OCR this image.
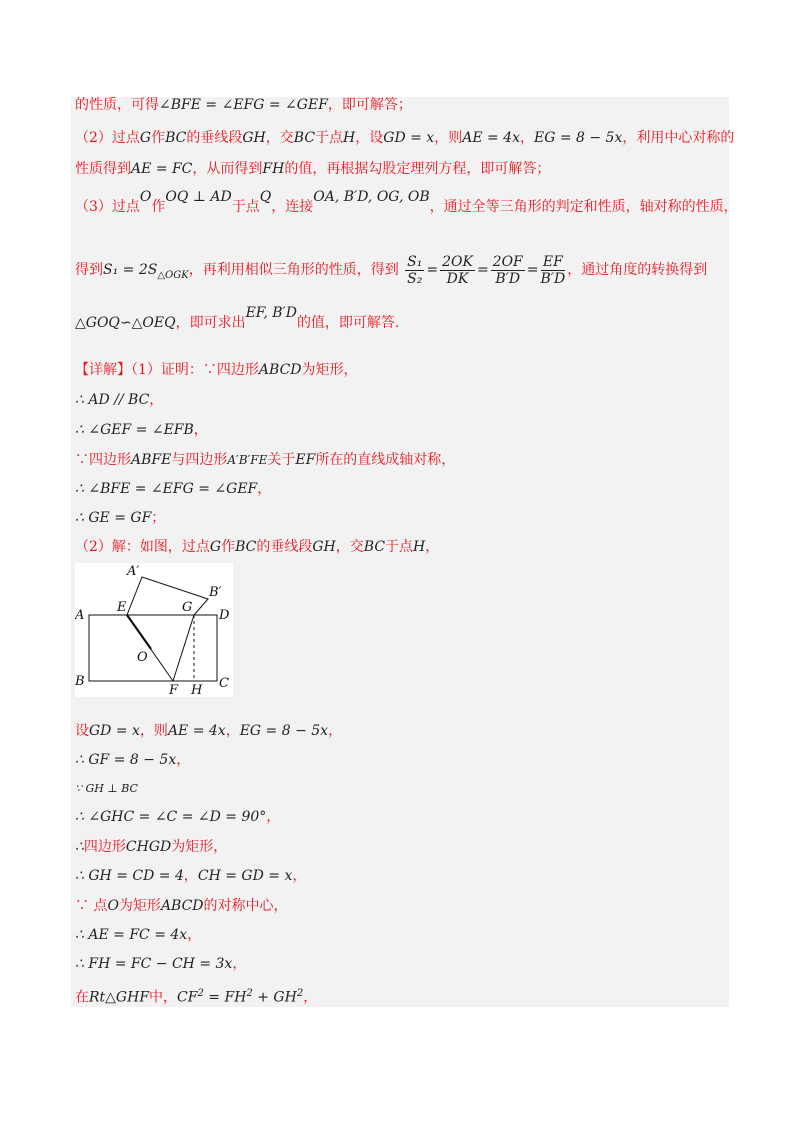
的性质，可得∠BFE = ∠EFG = ∠GEF，即可解答；
（2）过点G作BC的垂线段GH，交BC于点H，设GD = x，则AE = 4x，EG = 8 − 5x，利用中心对称的
性质得到AE = FC，从而得到FH的值，再根据勾股定理列方程，即可解答；
（3）过点O作OQ ⊥ AD于点Q，连接OA, B′D, OG, OB，通过全等三角形的判定和性质，轴对称的性质，
得到$S_1 = 2S_{\triangle OGK}$，再利用相似三角形的性质，得到 $\frac{\text{S₁}}{\text{S₂}} = \frac{2OK}{DK} = \frac{2OF}{B'D} = \frac{EF}{B'D}$ ，通过角度的转换得到
△GOQ∽△OEQ，即可求出EF, B′D的值，即可解答.
【详解】（1）证明：∵四边形ABCD为矩形，
∴ AD // BC，
∴ ∠GEF = ∠EFB，
∵四边形ABFE与四边形A′B′FE关于EF所在的直线成轴对称，
∴ ∠BFE = ∠EFG = ∠GEF，
∴ GE = GF；
（2）解：如图，过点G作BC的垂线段GH，交BC于点H，
A
B	C
D
E
F
G
H
O
A′
B′
设GD = x，则AE = 4x，EG = 8 − 5x，
∴ GF = 8 − 5x，
∵ GH ⊥ BC
∴ ∠GHC = ∠C = ∠D = 90°，
∴四边形CHGD为矩形，
∴ GH = CD = 4，CH = GD = x，
∵ 点O为矩形ABCD的对称中心，
∴ AE = FC = 4x，
∴ FH = FC − CH = 3x，
在Rt△GHF中，$CF^2 = FH^2 + GH^2$，
